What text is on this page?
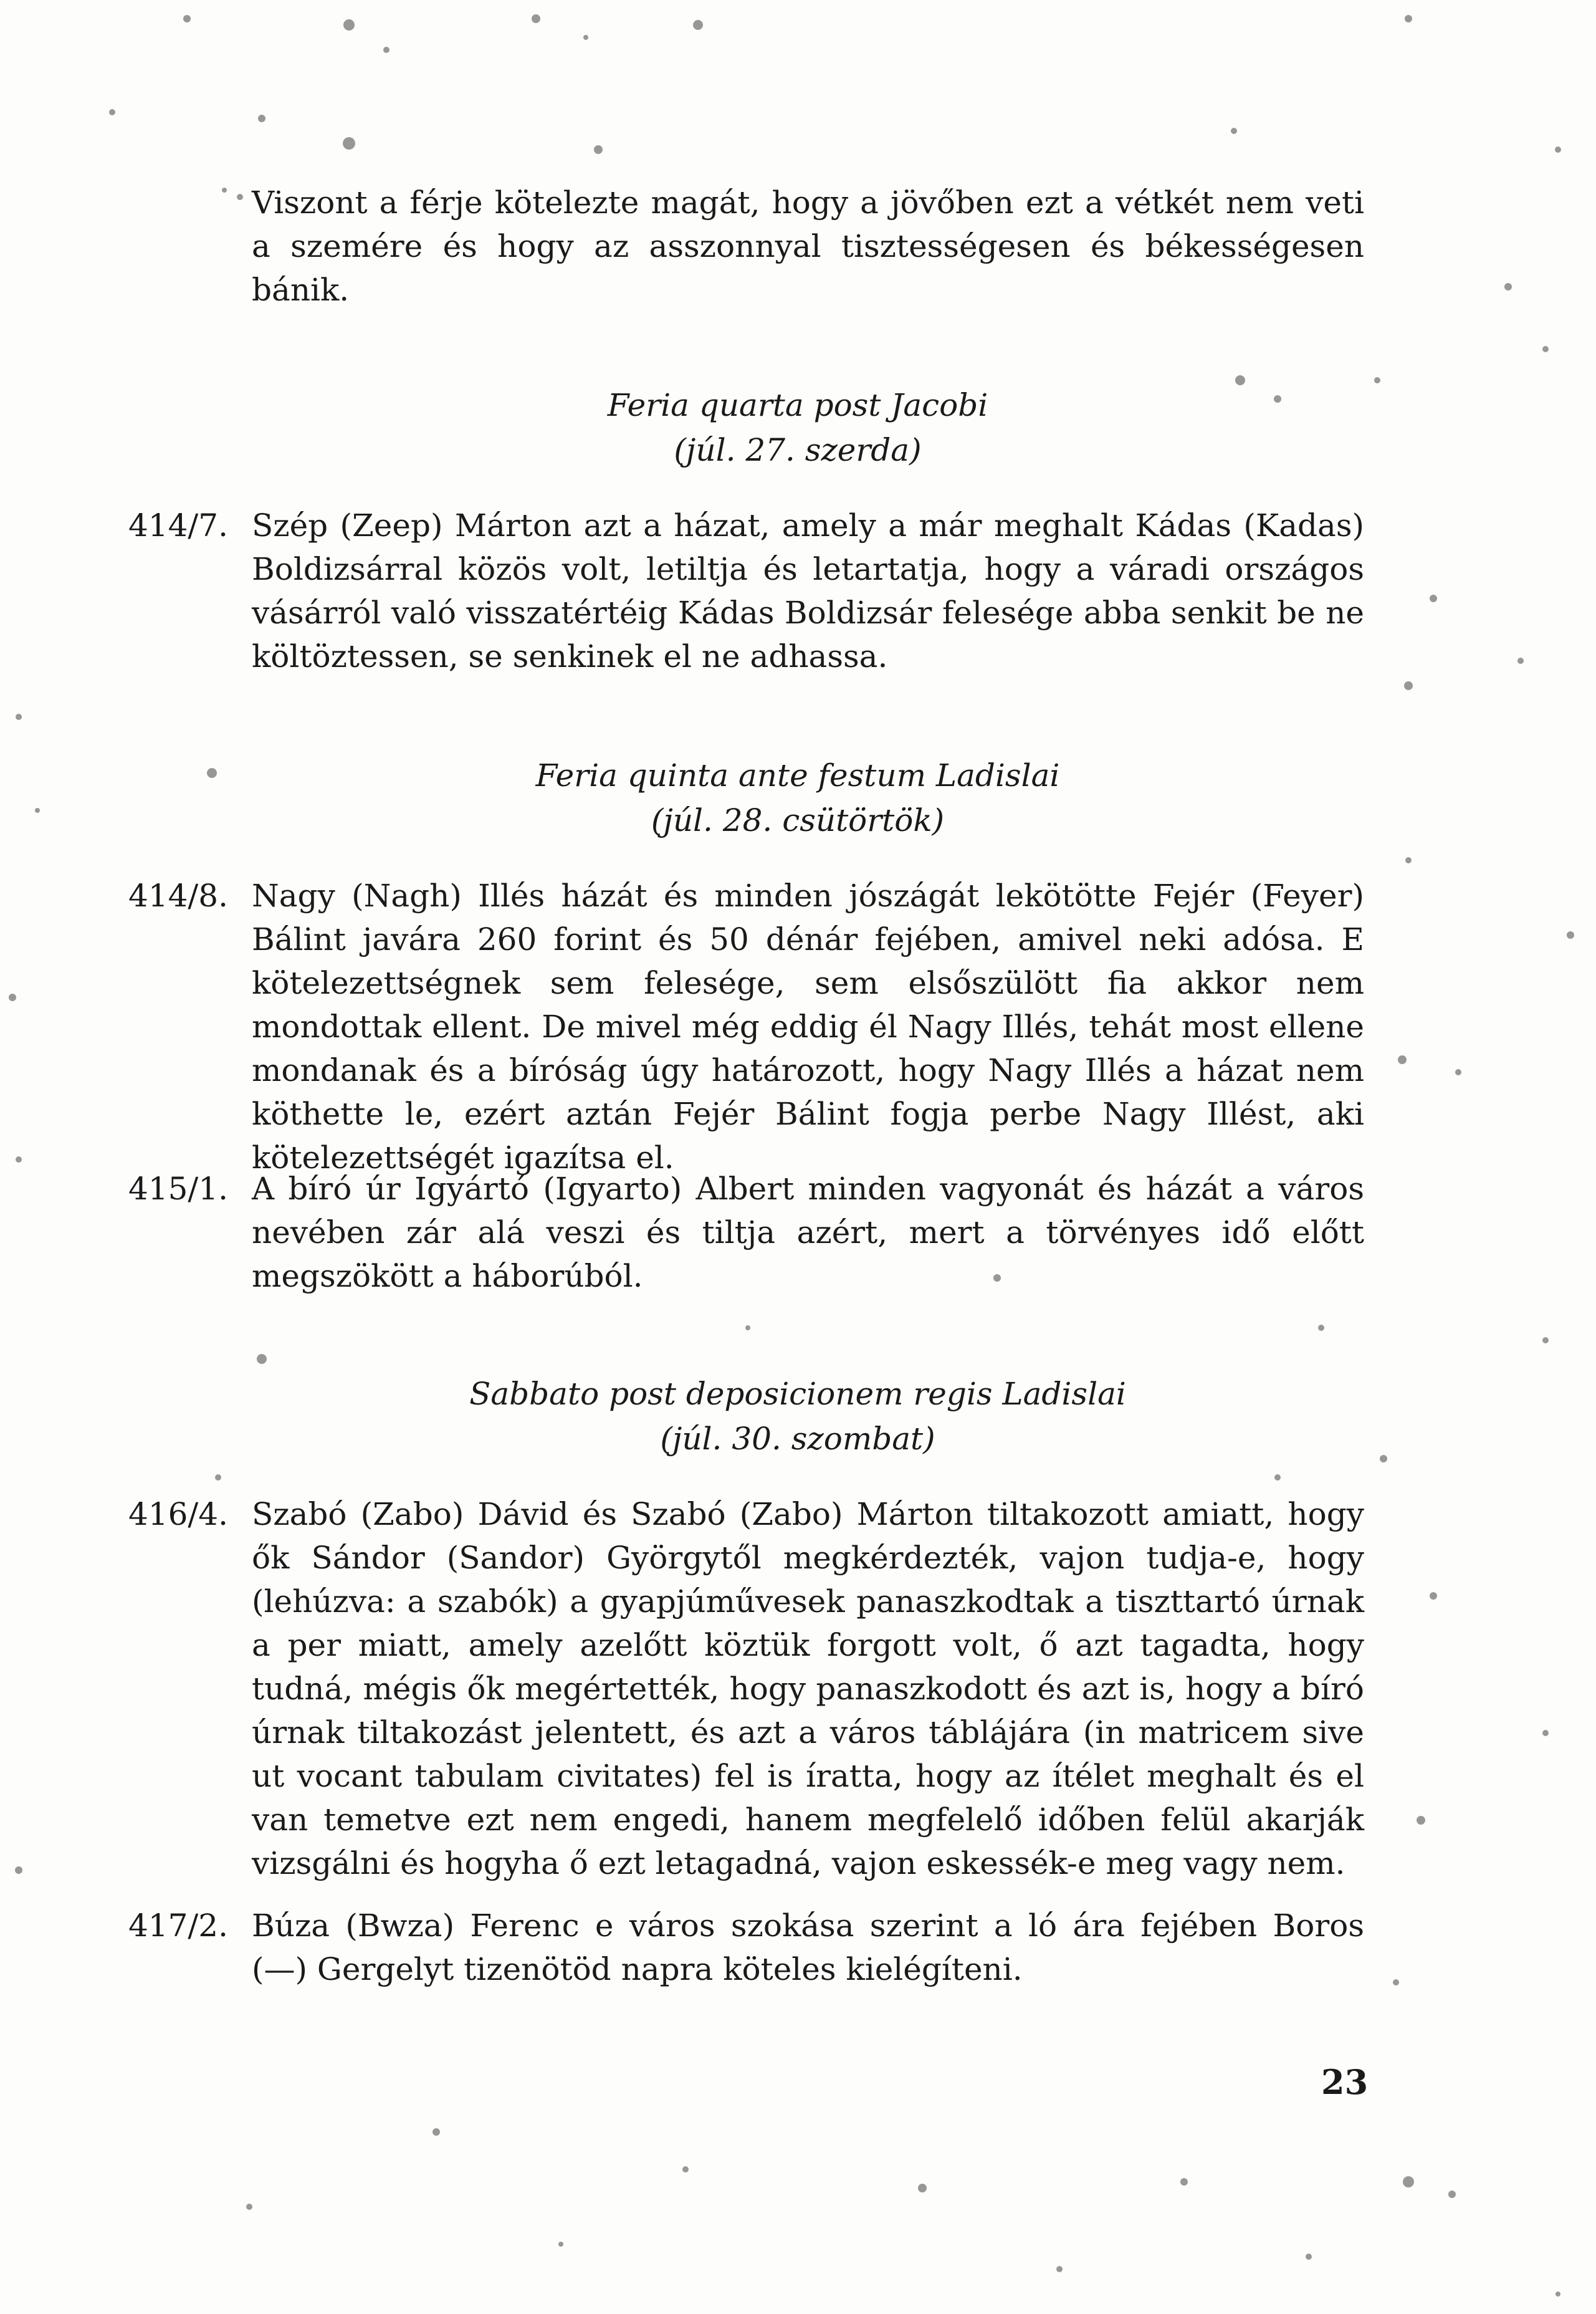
Viszont a férje kötelezte magát, hogy a jövőben ezt a vétkét nem veti a szemére és hogy az asszonnyal tisztességesen és békességesen bánik.

Feria quarta post Jacobi
(júl. 27. szerda)
414/7. Szép (Zeep) Márton azt a házat, amely a már meghalt Kádas (Kadas) Boldizsárral közös volt, letiltja és letartatja, hogy a váradi országos vásárról való visszatértéig Kádas Boldizsár felesége abba senkit be ne költöztessen, se senkinek el ne adhassa.
Feria quinta ante festum Ladislai
(júl. 28. csütörtök)
414/8. Nagy (Nagh) Illés házát és minden jószágát lekötötte Fejér (Feyer) Bálint javára 260 forint és 50 dénár fejében, amivel neki adósa. E kötelezettségnek sem felesége, sem elsőszülött fia akkor nem mondottak ellent. De mivel még eddig él Nagy Illés, tehát most ellene mondanak és a bíróság úgy határozott, hogy Nagy Illés a házat nem köthette le, ezért aztán Fejér Bálint fogja perbe Nagy Illést, aki kötelezettségét igazítsa el.
415/1. A bíró úr Igyártó (Igyarto) Albert minden vagyonát és házát a város nevében zár alá veszi és tiltja azért, mert a törvényes idő előtt megszökött a háborúból.
Sabbato post deposicionem regis Ladislai
(júl. 30. szombat)
416/4. Szabó (Zabo) Dávid és Szabó (Zabo) Márton tiltakozott amiatt, hogy ők Sándor (Sandor) Györgytől megkérdezték, vajon tudja-e, hogy (lehúzva: a szabók) a gyapjúművesek panaszkodtak a tiszttartó úrnak a per miatt, amely azelőtt köztük forgott volt, ő azt tagadta, hogy tudná, mégis ők megértették, hogy panaszkodott és azt is, hogy a bíró úrnak tiltakozást jelentett, és azt a város táblájára (in matricem sive ut vocant tabulam civitates) fel is íratta, hogy az ítélet meghalt és el van temetve ezt nem engedi, hanem megfelelő időben felül akarják vizsgálni és hogyha ő ezt letagadná, vajon eskessék-e meg vagy nem.
417/2. Búza (Bwza) Ferenc e város szokása szerint a ló ára fejében Boros (—) Gergelyt tizenötöd napra köteles kielégíteni.
23
